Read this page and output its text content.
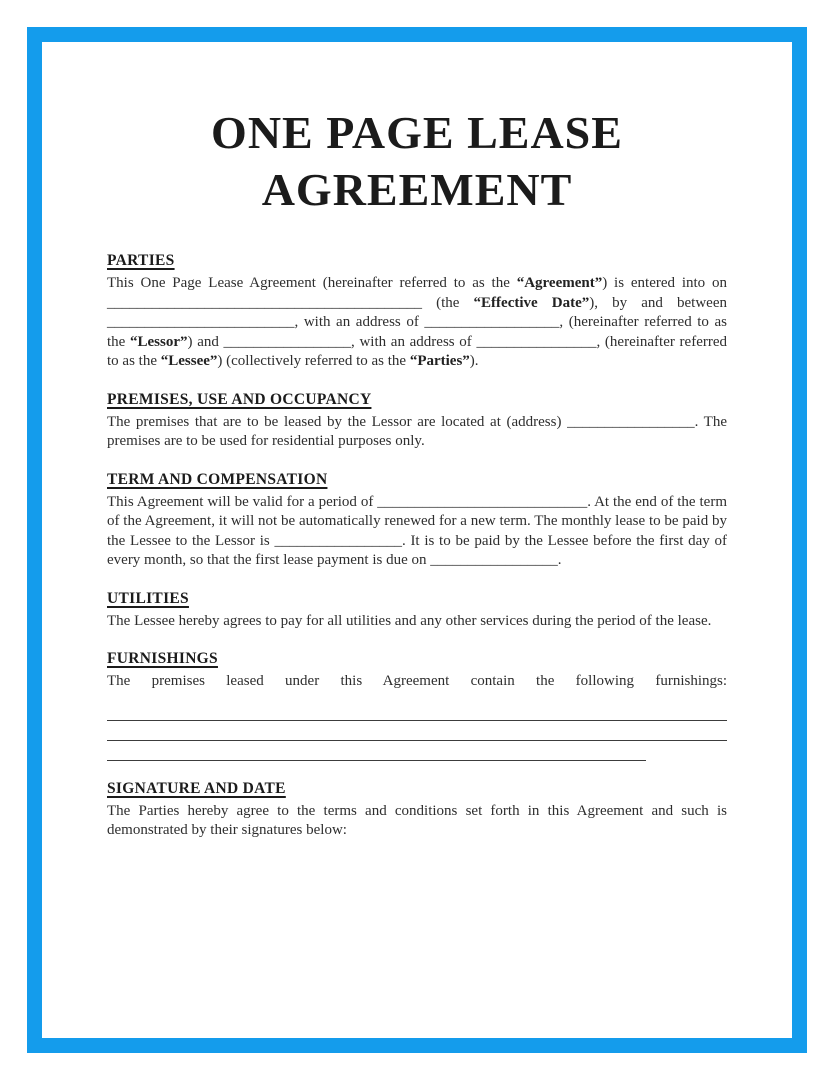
ONE PAGE LEASE
AGREEMENT
PARTIES

This One Page Lease Agreement (hereinafter referred to as the “Agreement”) is entered into on __________________________________________ (the “Effective Date”), by and between _________________________, with an address of __________________, (hereinafter referred to as the “Lessor”) and _________________, with an address of ________________, (hereinafter referred to as the “Lessee”) (collectively referred to as the “Parties”).

PREMISES, USE AND OCCUPANCY

The premises that are to be leased by the Lessor are located at (address) _________________. The premises are to be used for residential purposes only.

TERM AND COMPENSATION

This Agreement will be valid for a period of ____________________________. At the end of the term of the Agreement, it will not be automatically renewed for a new term. The monthly lease to be paid by the Lessee to the Lessor is _________________. It is to be paid by the Lessee before the first day of every month, so that the first lease payment is due on _________________.

UTILITIES

The Lessee hereby agrees to pay for all utilities and any other services during the period of the lease.

FURNISHINGS

The premises leased under this Agreement contain the following furnishings:

SIGNATURE AND DATE

The Parties hereby agree to the terms and conditions set forth in this Agreement and such is demonstrated by their signatures below:
